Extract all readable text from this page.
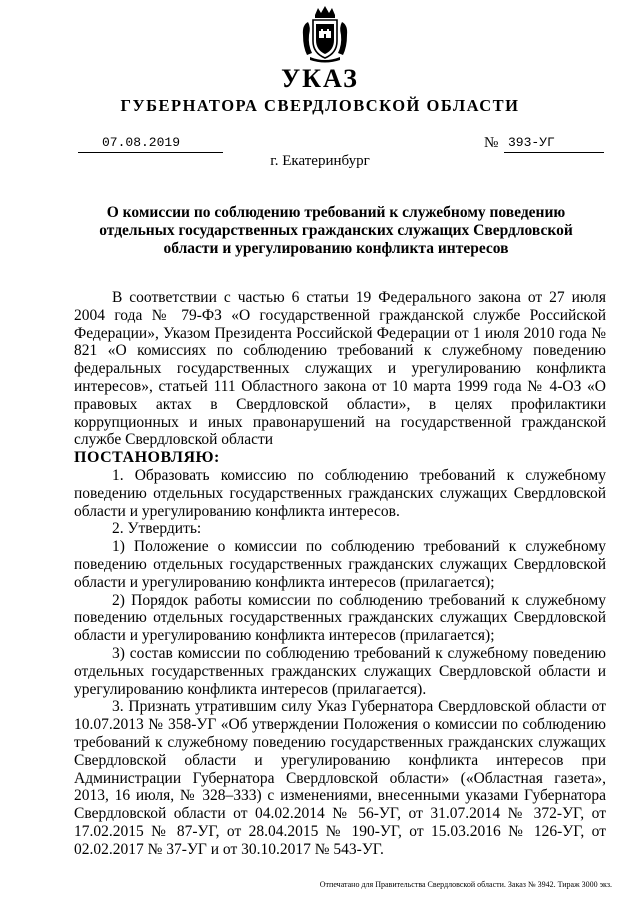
УКАЗ
ГУБЕРНАТОРА СВЕРДЛОВСКОЙ ОБЛАСТИ
07.08.2019	№ 393-УГ
г. Екатеринбург
О комиссии по соблюдению требований к служебному поведению отдельных государственных гражданских служащих Свердловской области и урегулированию конфликта интересов

В соответствии с частью 6 статьи 19 Федерального закона от 27 июля 2004 года № 79-ФЗ «О государственной гражданской службе Российской Федерации», Указом Президента Российской Федерации от 1 июля 2010 года № 821 «О комиссиях по соблюдению требований к служебному поведению федеральных государственных служащих и урегулированию конфликта интересов», статьей 111 Областного закона от 10 марта 1999 года № 4-ОЗ «О правовых актах в Свердловской области», в целях профилактики коррупционных и иных правонарушений на государственной гражданской службе Свердловской области

ПОСТАНОВЛЯЮ:

1. Образовать комиссию по соблюдению требований к служебному поведению отдельных государственных гражданских служащих Свердловской области и урегулированию конфликта интересов.

2. Утвердить:

1) Положение о комиссии по соблюдению требований к служебному поведению отдельных государственных гражданских служащих Свердловской области и урегулированию конфликта интересов (прилагается);

2) Порядок работы комиссии по соблюдению требований к служебному поведению отдельных государственных гражданских служащих Свердловской области и урегулированию конфликта интересов (прилагается);

3) состав комиссии по соблюдению требований к служебному поведению отдельных государственных гражданских служащих Свердловской области и урегулированию конфликта интересов (прилагается).

3. Признать утратившим силу Указ Губернатора Свердловской области от 10.07.2013 № 358-УГ «Об утверждении Положения о комиссии по соблюдению требований к служебному поведению государственных гражданских служащих Свердловской области и урегулированию конфликта интересов при Администрации Губернатора Свердловской области» («Областная газета», 2013, 16 июля, № 328–333) с изменениями, внесенными указами Губернатора Свердловской области от 04.02.2014 № 56-УГ, от 31.07.2014 № 372-УГ, от 17.02.2015 № 87-УГ, от 28.04.2015 № 190-УГ, от 15.03.2016 № 126-УГ, от 02.02.2017 № 37-УГ и от 30.10.2017 № 543-УГ.

Отпечатано для Правительства Свердловской области. Заказ № 3942. Тираж 3000 экз.
